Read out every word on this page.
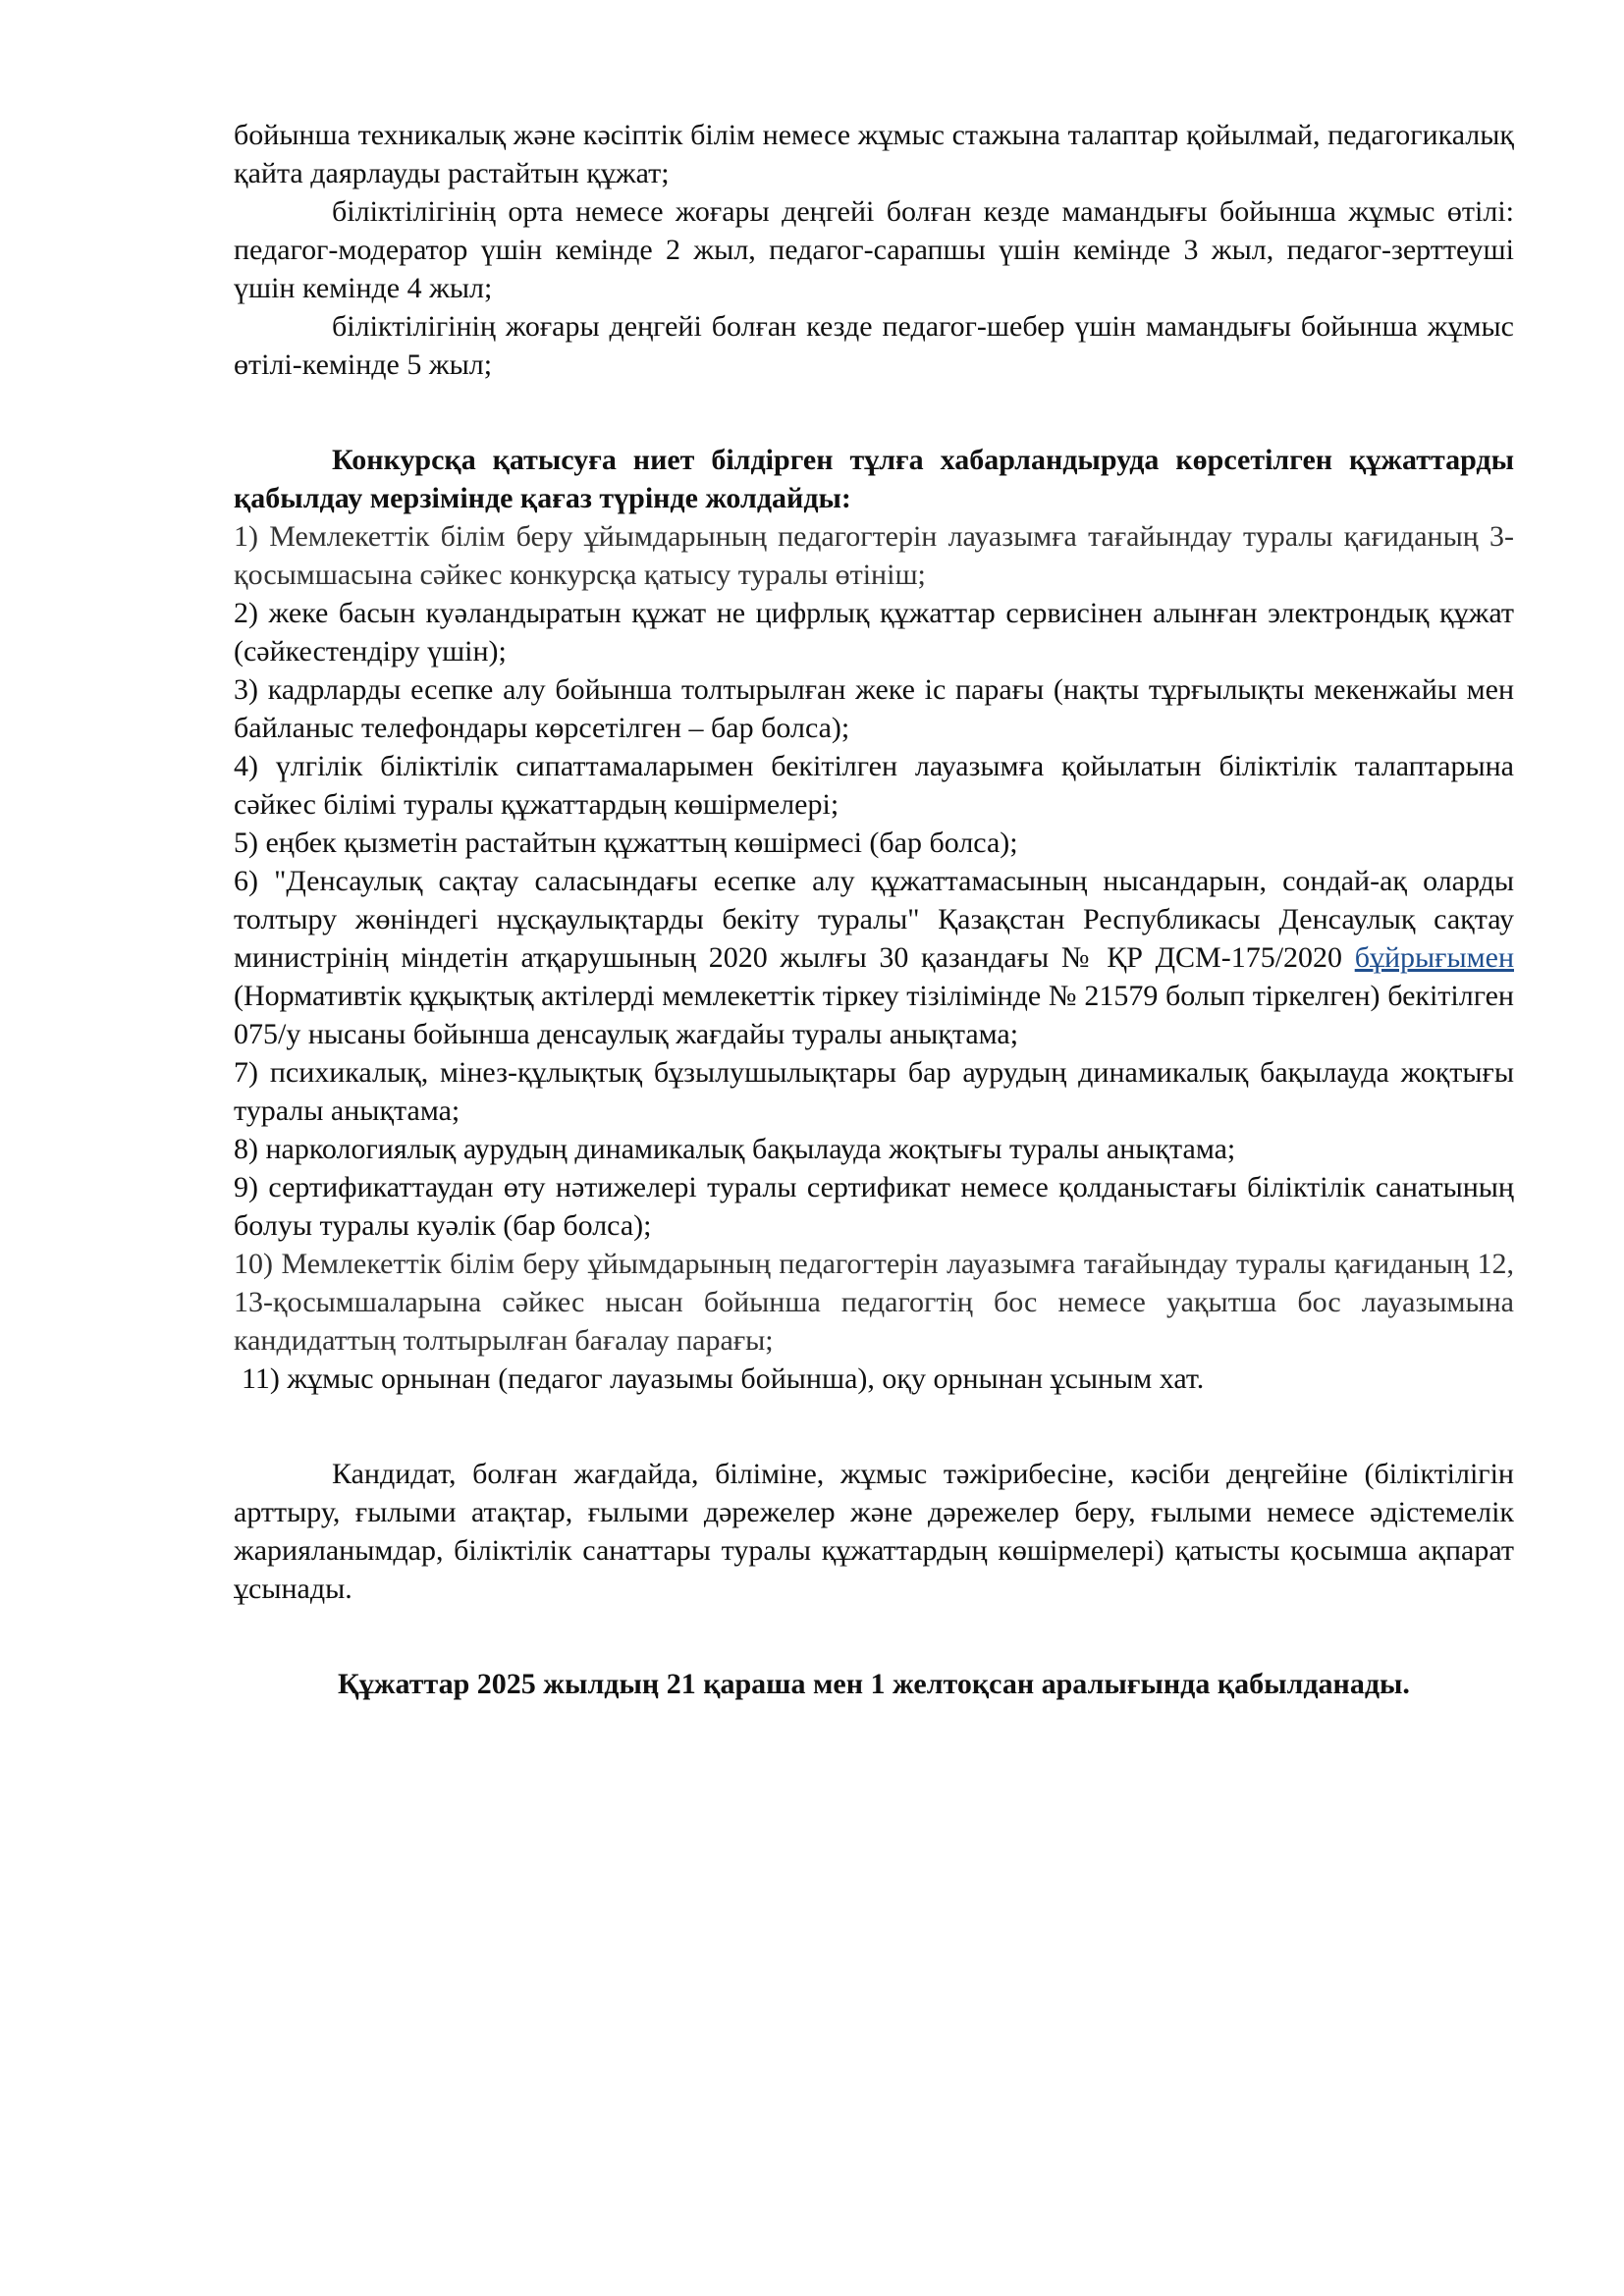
бойынша техникалық және кәсіптік білім немесе жұмыс стажына талаптар қойылмай, педагогикалық қайта даярлауды растайтын құжат;

біліктілігінің орта немесе жоғары деңгейі болған кезде мамандығы бойынша жұмыс өтілі: педагог-модератор үшін кемінде 2 жыл, педагог-сарапшы үшін кемінде 3 жыл, педагог-зерттеуші үшін кемінде 4 жыл;

біліктілігінің жоғары деңгейі болған кезде педагог-шебер үшін мамандығы бойынша жұмыс өтілі-кемінде 5 жыл;

Конкурсқа қатысуға ниет білдірген тұлға хабарландыруда көрсетілген құжаттарды қабылдау мерзімінде қағаз түрінде жолдайды:

1) Мемлекеттік білім беру ұйымдарының педагогтерін лауазымға тағайындау туралы қағиданың 3- қосымшасына сәйкес конкурсқа қатысу туралы өтініш;

2) жеке басын куәландыратын құжат не цифрлық құжаттар сервисінен алынған электрондық құжат (сәйкестендіру үшін);

3) кадрларды есепке алу бойынша толтырылған жеке іс парағы (нақты тұрғылықты мекенжайы мен байланыс телефондары көрсетілген – бар болса);

4) үлгілік біліктілік сипаттамаларымен бекітілген лауазымға қойылатын біліктілік талаптарына сәйкес білімі туралы құжаттардың көшірмелері;

5) еңбек қызметін растайтын құжаттың көшірмесі (бар болса);

6) "Денсаулық сақтау саласындағы есепке алу құжаттамасының нысандарын, сондай-ақ оларды толтыру жөніндегі нұсқаулықтарды бекіту туралы" Қазақстан Республикасы Денсаулық сақтау министрінің міндетін атқарушының 2020 жылғы 30 қазандағы № ҚР ДСМ-175/2020 бұйрығымен (Нормативтік құқықтық актілерді мемлекеттік тіркеу тізілімінде № 21579 болып тіркелген) бекітілген 075/у нысаны бойынша денсаулық жағдайы туралы анықтама;

7) психикалық, мінез-құлықтық бұзылушылықтары бар аурудың динамикалық бақылауда жоқтығы туралы анықтама;

8) наркологиялық аурудың динамикалық бақылауда жоқтығы туралы анықтама;

9) сертификаттаудан өту нәтижелері туралы сертификат немесе қолданыстағы біліктілік санатының болуы туралы куәлік (бар болса);

10) Мемлекеттік білім беру ұйымдарының педагогтерін лауазымға тағайындау туралы қағиданың 12, 13-қосымшаларына сәйкес нысан бойынша педагогтің бос немесе уақытша бос лауазымына кандидаттың толтырылған бағалау парағы;

11) жұмыс орнынан (педагог лауазымы бойынша), оқу орнынан ұсыным хат.

Кандидат, болған жағдайда, біліміне, жұмыс тәжірибесіне, кәсіби деңгейіне (біліктілігін арттыру, ғылыми атақтар, ғылыми дәрежелер және дәрежелер беру, ғылыми немесе әдістемелік жарияланымдар, біліктілік санаттары туралы құжаттардың көшірмелері) қатысты қосымша ақпарат ұсынады.

Құжаттар 2025 жылдың 21 қараша мен 1 желтоқсан аралығында қабылданады.
